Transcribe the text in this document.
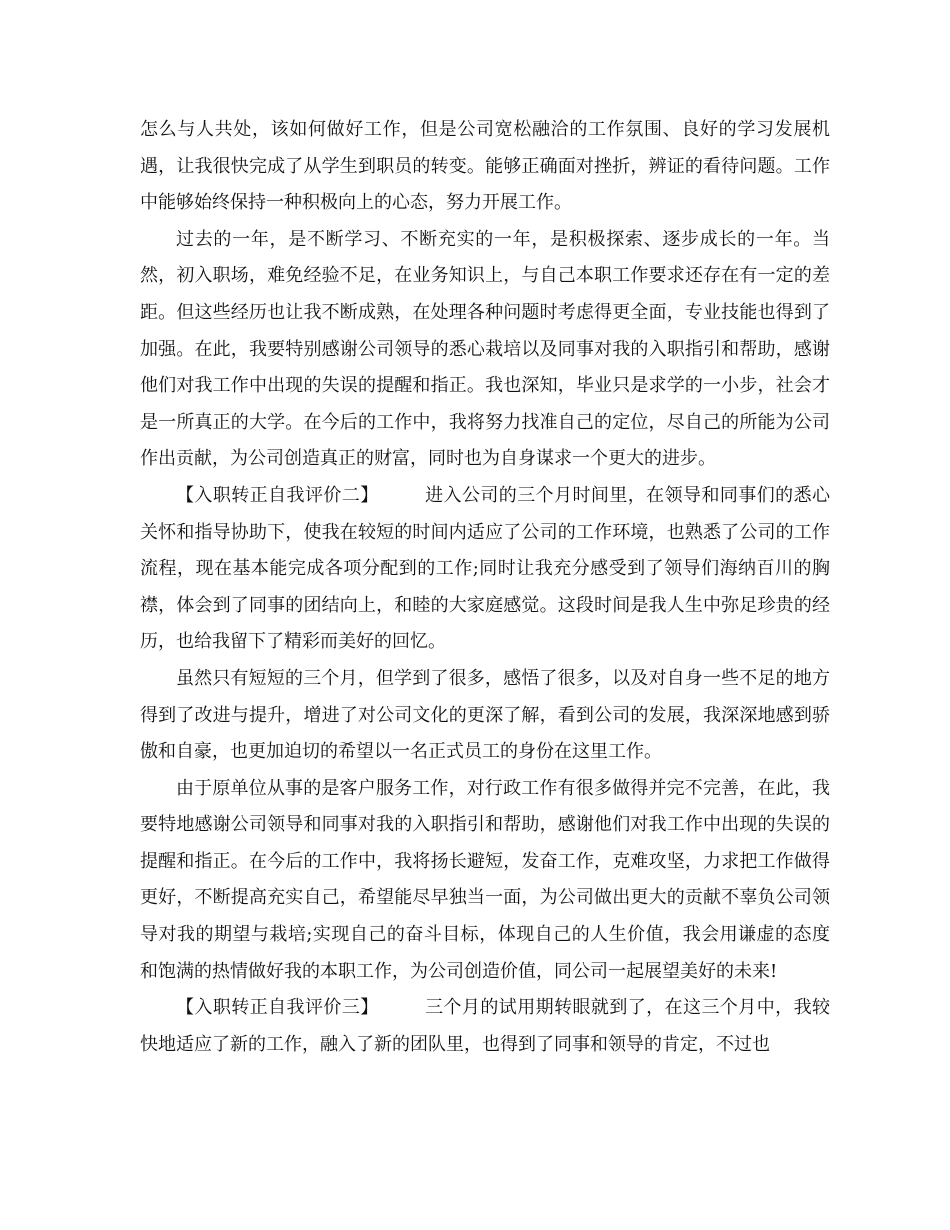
怎么与人共处，该如何做好工作，但是公司宽松融洽的工作氛围、良好的学习发展机遇，让我很快完成了从学生到职员的转变。能够正确面对挫折，辨证的看待问题。工作中能够始终保持一种积极向上的心态，努力开展工作。

过去的一年，是不断学习、不断充实的一年，是积极探索、逐步成长的一年。当然，初入职场，难免经验不足，在业务知识上，与自己本职工作要求还存在有一定的差距。但这些经历也让我不断成熟，在处理各种问题时考虑得更全面，专业技能也得到了加强。在此，我要特别感谢公司领导的悉心栽培以及同事对我的入职指引和帮助，感谢他们对我工作中出现的失误的提醒和指正。我也深知，毕业只是求学的一小步，社会才是一所真正的大学。在今后的工作中，我将努力找准自己的定位，尽自己的所能为公司作出贡献，为公司创造真正的财富，同时也为自身谋求一个更大的进步。

【入职转正自我评价二】	进入公司的三个月时间里，在领导和同事们的悉心关怀和指导协助下，使我在较短的时间内适应了公司的工作环境，也熟悉了公司的工作流程，现在基本能完成各项分配到的工作;同时让我充分感受到了领导们海纳百川的胸襟，体会到了同事的团结向上，和睦的大家庭感觉。这段时间是我人生中弥足珍贵的经历，也给我留下了精彩而美好的回忆。

虽然只有短短的三个月，但学到了很多，感悟了很多，以及对自身一些不足的地方得到了改进与提升，增进了对公司文化的更深了解，看到公司的发展，我深深地感到骄傲和自豪，也更加迫切的希望以一名正式员工的身份在这里工作。

由于原单位从事的是客户服务工作，对行政工作有很多做得并完不完善，在此，我要特地感谢公司领导和同事对我的入职指引和帮助，感谢他们对我工作中出现的失误的提醒和指正。在今后的工作中，我将扬长避短，发奋工作，克难攻坚，力求把工作做得更好，不断提高充实自己，希望能尽早独当一面，为公司做出更大的贡献不辜负公司领导对我的期望与栽培;实现自己的奋斗目标，体现自己的人生价值，我会用谦虚的态度和饱满的热情做好我的本职工作，为公司创造价值，同公司一起展望美好的未来!

【入职转正自我评价三】	三个月的试用期转眼就到了，在这三个月中，我较快地适应了新的工作，融入了新的团队里，也得到了同事和领导的肯定，不过也
